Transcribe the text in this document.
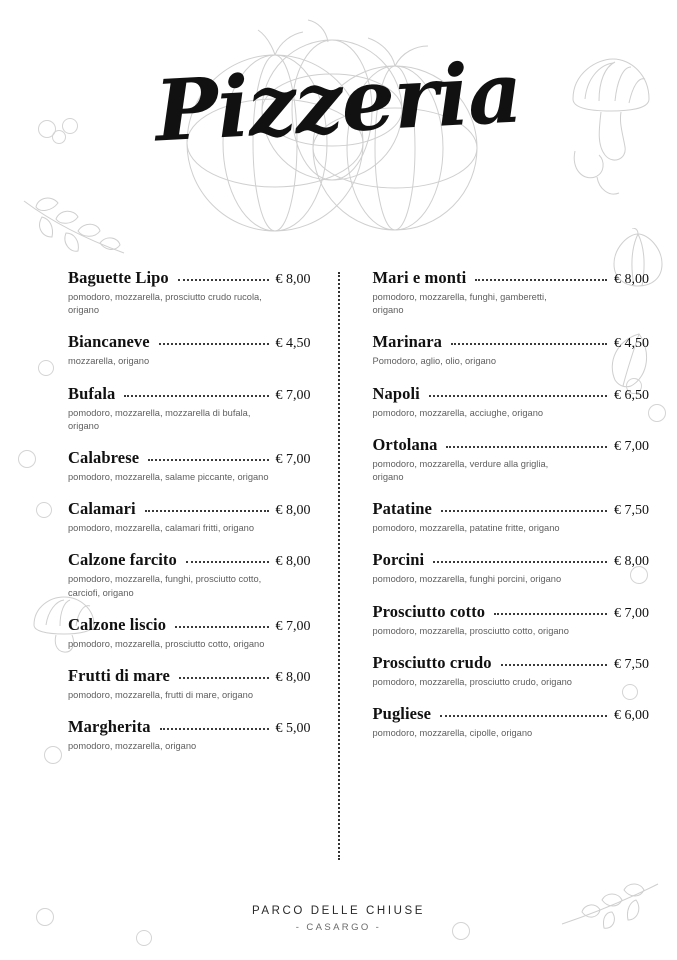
Pizzeria
Baguette Lipo	€ 8,00
pomodoro, mozzarella, prosciutto crudo rucola, origano
Biancaneve	€ 4,50
mozzarella, origano
Bufala	€ 7,00
pomodoro, mozzarella, mozzarella di bufala, origano
Calabrese	€ 7,00
pomodoro, mozzarella, salame piccante, origano
Calamari	€ 8,00
pomodoro, mozzarella, calamari fritti, origano
Calzone farcito	€ 8,00
pomodoro, mozzarella, funghi, prosciutto cotto, carciofi, origano
Calzone liscio	€ 7,00
pomodoro, mozzarella, prosciutto cotto, origano
Frutti di mare	€ 8,00
pomodoro, mozzarella, frutti di mare, origano
Margherita	€ 5,00
pomodoro, mozzarella, origano
Mari e monti	€ 8,00
pomodoro, mozzarella, funghi, gamberetti, origano
Marinara	€ 4,50
Pomodoro, aglio, olio, origano
Napoli	€ 6,50
pomodoro, mozzarella, acciughe, origano
Ortolana	€ 7,00
pomodoro, mozzarella, verdure alla griglia, origano
Patatine	€ 7,50
pomodoro, mozzarella, patatine fritte, origano
Porcini	€ 8,00
pomodoro, mozzarella, funghi porcini, origano
Prosciutto cotto	€ 7,00
pomodoro, mozzarella, prosciutto cotto, origano
Prosciutto crudo	€ 7,50
pomodoro, mozzarella, prosciutto crudo, origano
Pugliese	€ 6,00
pomodoro, mozzarella, cipolle, origano
PARCO DELLE CHIUSE
- CASARGO -
